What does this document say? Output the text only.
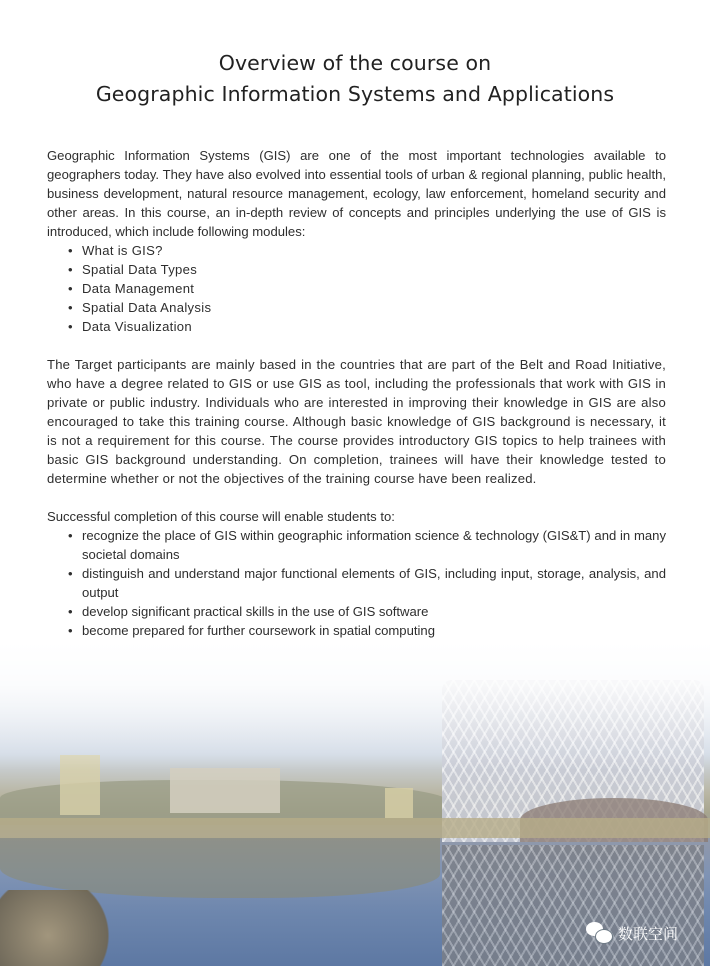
Overview of the course on
Geographic Information Systems and Applications

Geographic Information Systems (GIS) are one of the most important technologies available to geographers today. They have also evolved into essential tools of urban & regional planning, public health, business development, natural resource management, ecology, law enforcement, homeland security and other areas. In this course, an in-depth review of concepts and principles underlying the use of GIS is introduced, which include following modules:

• What is GIS?
• Spatial Data Types
• Data Management
• Spatial Data Analysis
• Data Visualization

The Target participants are mainly based in the countries that are part of the Belt and Road Initiative, who have a degree related to GIS or use GIS as tool, including the professionals that work with GIS in private or public industry. Individuals who are interested in improving their knowledge in GIS are also encouraged to take this training course. Although basic knowledge of GIS background is necessary, it is not a requirement for this course. The course provides introductory GIS topics to help trainees with basic GIS background understanding. On completion, trainees will have their knowledge tested to determine whether or not the objectives of the training course have been realized.

Successful completion of this course will enable students to:

• recognize the place of GIS within geographic information science & technology (GIS&T) and in many societal domains
• distinguish and understand major functional elements of GIS, including input, storage, analysis, and output
• develop significant practical skills in the use of GIS software
• become prepared for further coursework in spatial computing
数联空间
